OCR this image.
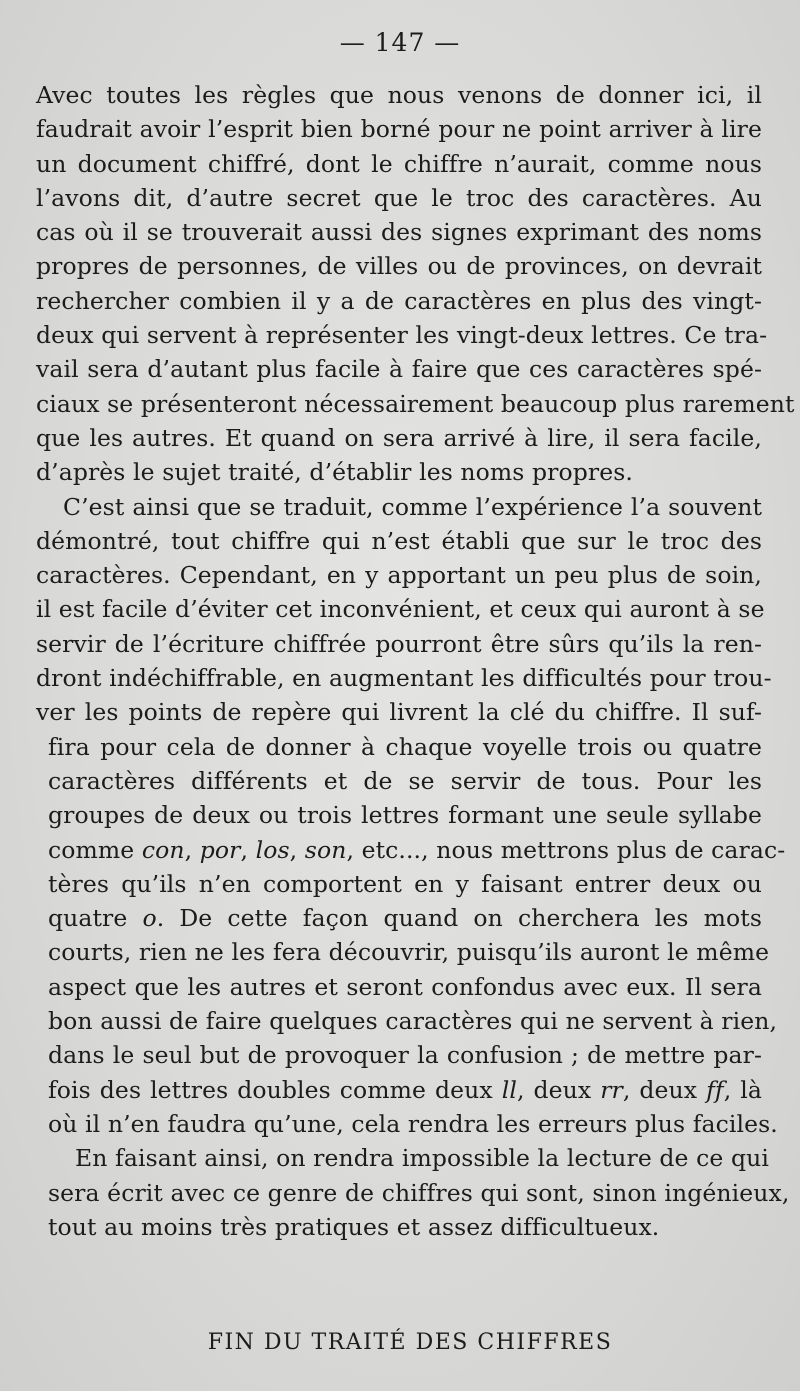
— 147 —
Avec toutes les règles que nous venons de donner ici, il
faudrait avoir l’esprit bien borné pour ne point arriver à lire
un document chiffré, dont le chiffre n’aurait, comme nous
l’avons dit, d’autre secret que le troc des caractères. Au
cas où il se trouverait aussi des signes exprimant des noms
propres de personnes, de villes ou de provinces, on devrait
rechercher combien il y a de caractères en plus des vingt-
deux qui servent à représenter les vingt-deux lettres. Ce tra-
vail sera d’autant plus facile à faire que ces caractères spé-
ciaux se présenteront nécessairement beaucoup plus rarement
que les autres. Et quand on sera arrivé à lire, il sera facile,
d’après le sujet traité, d’établir les noms propres.
C’est ainsi que se traduit, comme l’expérience l’a souvent
démontré, tout chiffre qui n’est établi que sur le troc des
caractères. Cependant, en y apportant un peu plus de soin,
il est facile d’éviter cet inconvénient, et ceux qui auront à se
servir de l’écriture chiffrée pourront être sûrs qu’ils la ren-
dront indéchiffrable, en augmentant les difficultés pour trou-
ver les points de repère qui livrent la clé du chiffre. Il suf-
fira pour cela de donner à chaque voyelle trois ou quatre
caractères différents et de se servir de tous. Pour les
groupes de deux ou trois lettres formant une seule syllabe
comme con, por, los, son, etc..., nous mettrons plus de carac-
tères qu’ils n’en comportent en y faisant entrer deux ou
quatre o. De cette façon quand on cherchera les mots
courts, rien ne les fera découvrir, puisqu’ils auront le même
aspect que les autres et seront confondus avec eux. Il sera
bon aussi de faire quelques caractères qui ne servent à rien,
dans le seul but de provoquer la confusion ; de mettre par-
fois des lettres doubles comme deux ll, deux rr, deux ff, là
où il n’en faudra qu’une, cela rendra les erreurs plus faciles.
En faisant ainsi, on rendra impossible la lecture de ce qui
sera écrit avec ce genre de chiffres qui sont, sinon ingénieux,
tout au moins très pratiques et assez difficultueux.
FIN DU TRAITÉ DES CHIFFRES
